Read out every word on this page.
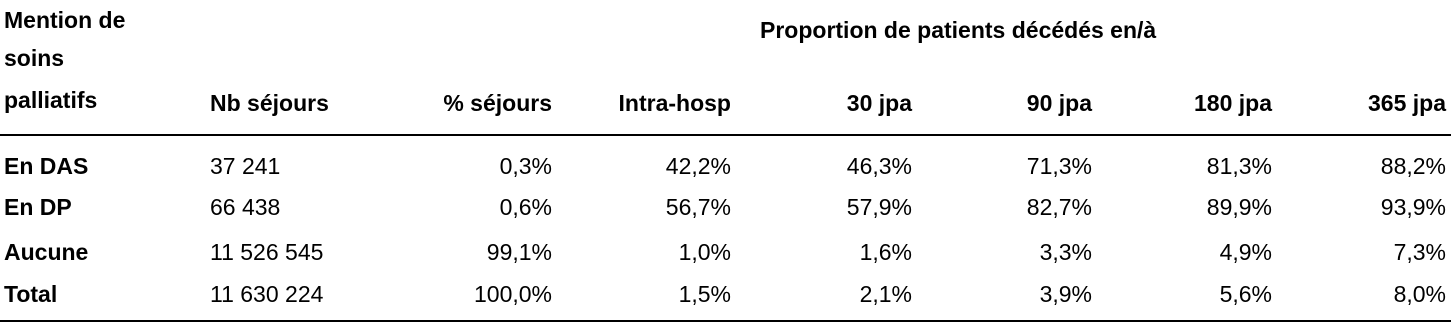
Mention de
soins
palliatifs
Proportion de patients décédés en/à
Nb séjours	% séjours	Intra-hosp	30 jpa	90 jpa	180 jpa	365 jpa
En DAS	37 241	0,3%	42,2%	46,3%	71,3%	81,3%	88,2%
En DP	66 438	0,6%	56,7%	57,9%	82,7%	89,9%	93,9%
Aucune	11 526 545	99,1%	1,0%	1,6%	3,3%	4,9%	7,3%
Total	11 630 224	100,0%	1,5%	2,1%	3,9%	5,6%	8,0%
